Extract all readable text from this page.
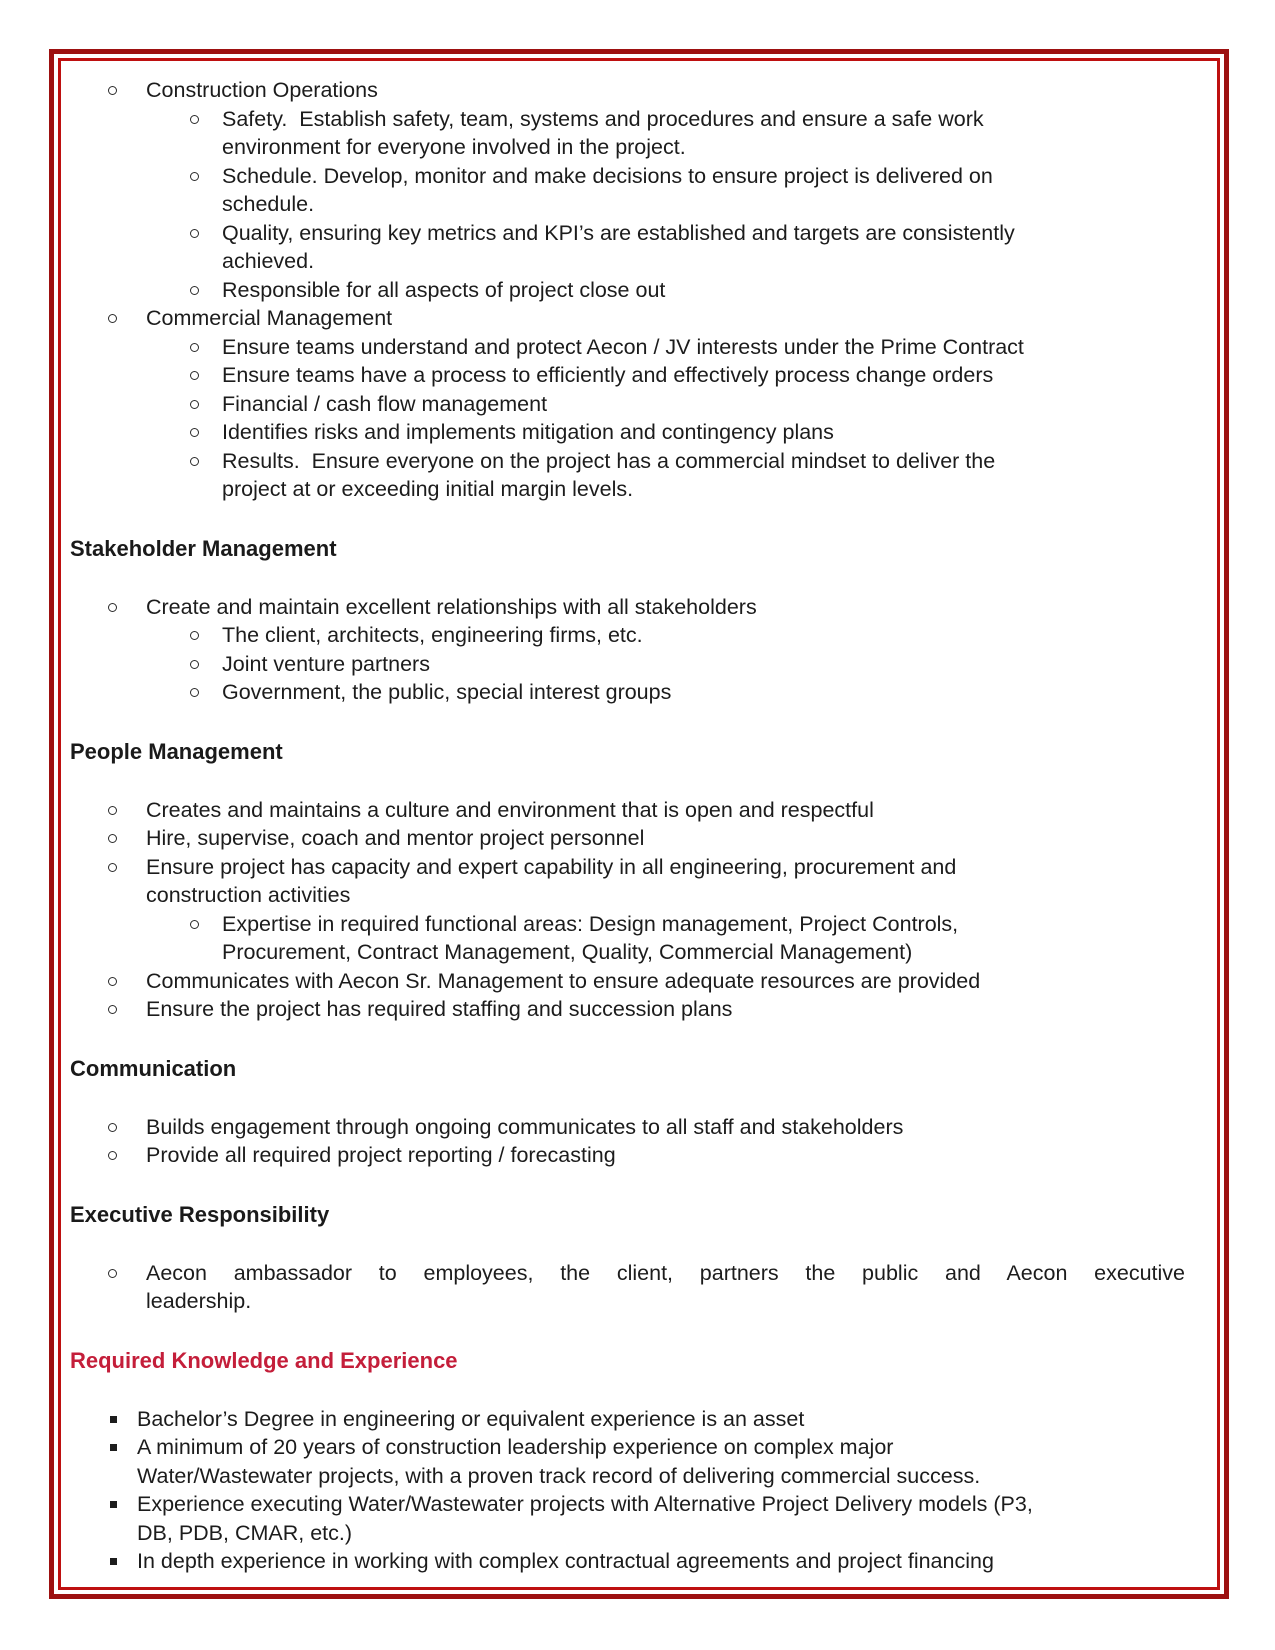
Construction Operations
Safety.  Establish safety, team, systems and procedures and ensure a safe work
environment for everyone involved in the project.
Schedule. Develop, monitor and make decisions to ensure project is delivered on
schedule.
Quality, ensuring key metrics and KPI’s are established and targets are consistently
achieved.
Responsible for all aspects of project close out
Commercial Management
Ensure teams understand and protect Aecon / JV interests under the Prime Contract
Ensure teams have a process to efficiently and effectively process change orders
Financial / cash flow management
Identifies risks and implements mitigation and contingency plans
Results.  Ensure everyone on the project has a commercial mindset to deliver the
project at or exceeding initial margin levels.
Stakeholder Management
Create and maintain excellent relationships with all stakeholders
The client, architects, engineering firms, etc.
Joint venture partners
Government, the public, special interest groups
People Management
Creates and maintains a culture and environment that is open and respectful
Hire, supervise, coach and mentor project personnel
Ensure project has capacity and expert capability in all engineering, procurement and
construction activities
Expertise in required functional areas: Design management, Project Controls,
Procurement, Contract Management, Quality, Commercial Management)
Communicates with Aecon Sr. Management to ensure adequate resources are provided
Ensure the project has required staffing and succession plans
Communication
Builds engagement through ongoing communicates to all staff and stakeholders
Provide all required project reporting / forecasting
Executive Responsibility
Aecon ambassador to employees, the client, partners the public and Aecon executive
leadership.
Required Knowledge and Experience
Bachelor’s Degree in engineering or equivalent experience is an asset
A minimum of 20 years of construction leadership experience on complex major
Water/Wastewater projects, with a proven track record of delivering commercial success.
Experience executing Water/Wastewater projects with Alternative Project Delivery models (P3,
DB, PDB, CMAR, etc.)
In depth experience in working with complex contractual agreements and project financing
